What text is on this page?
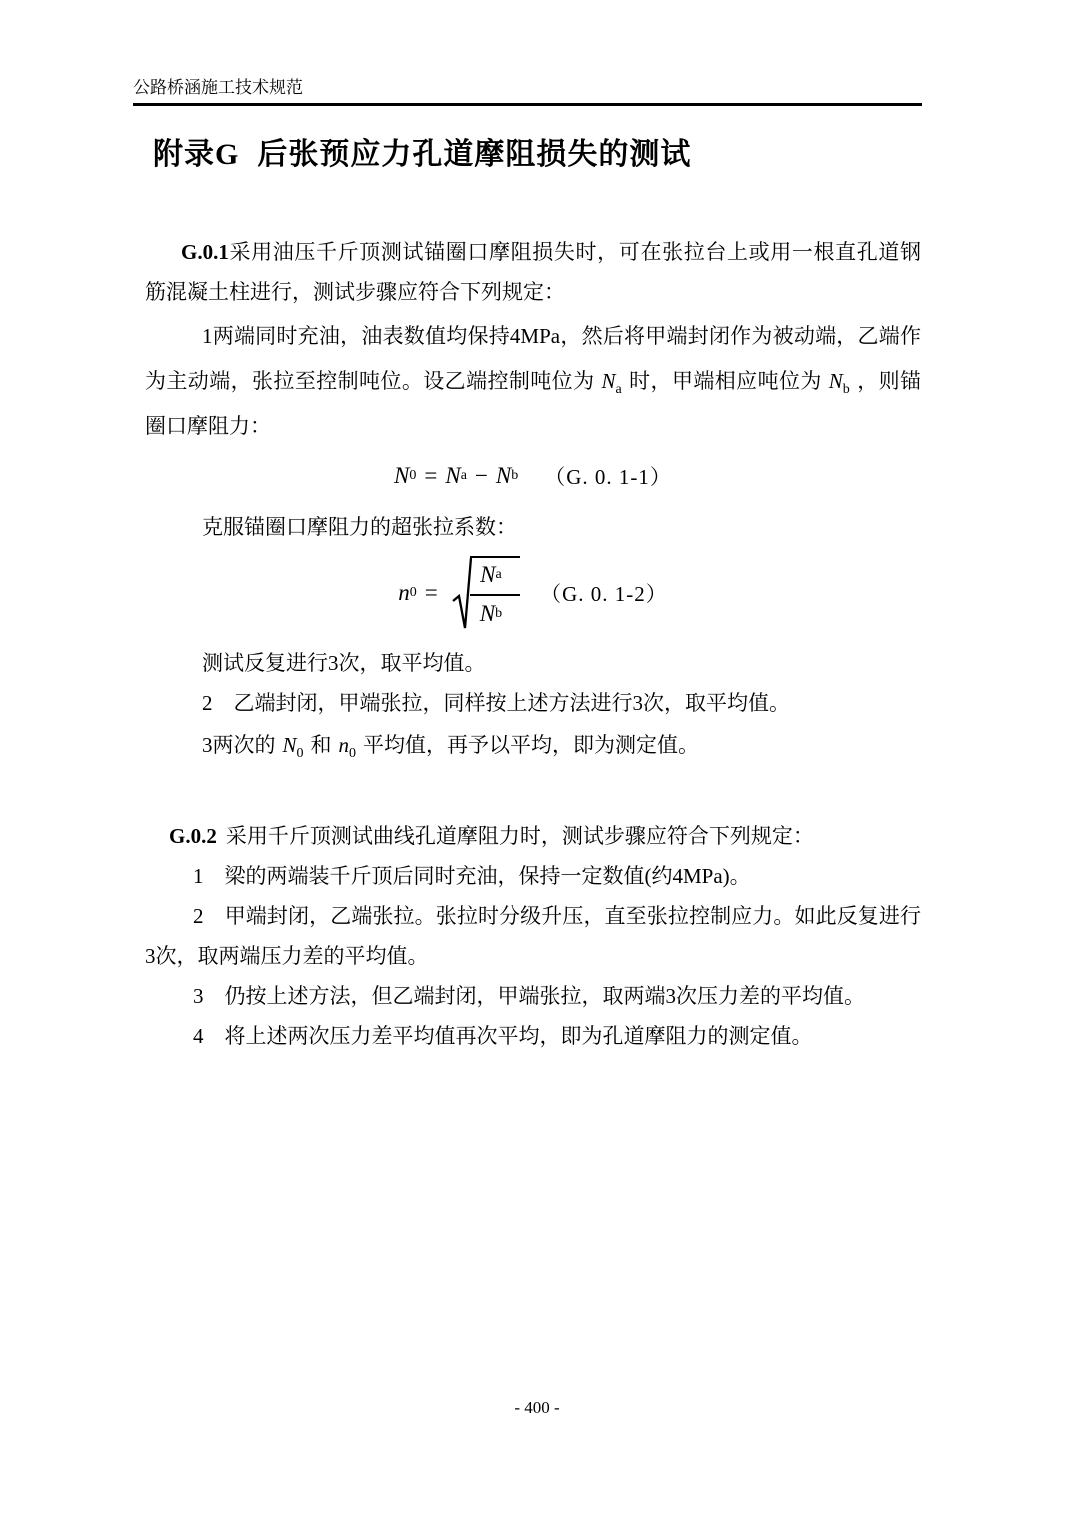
公路桥涵施工技术规范
附录G 后张预应力孔道摩阻损失的测试

G.0.1采用油压千斤顶测试锚圈口摩阻损失时，可在张拉台上或用一根直孔道钢筋混凝土柱进行，测试步骤应符合下列规定：

1两端同时充油，油表数值均保持4MPa，然后将甲端封闭作为被动端，乙端作为主动端，张拉至控制吨位。设乙端控制吨位为 $N_a$ 时，甲端相应吨位为 $N_b$ ，则锚圈口摩阻力：

N 0 = N a − N b （G. 0. 1-1）

克服锚圈口摩阻力的超张拉系数：

n $0 = \frac{\text{N a}}{\text{N b}} (G$. 0. 1-2）

测试反复进行3次，取平均值。

2　乙端封闭，甲端张拉，同样按上述方法进行3次，取平均值。

3两次的 $N_0$ 和 $n_0$ 平均值，再予以平均，即为测定值。

G.0.2 采用千斤顶测试曲线孔道摩阻力时，测试步骤应符合下列规定：

1　梁的两端装千斤顶后同时充油，保持一定数值(约4MPa)。

2　甲端封闭，乙端张拉。张拉时分级升压，直至张拉控制应力。如此反复进行3次，取两端压力差的平均值。

3　仍按上述方法，但乙端封闭，甲端张拉，取两端3次压力差的平均值。

4　将上述两次压力差平均值再次平均，即为孔道摩阻力的测定值。

- 400 -
